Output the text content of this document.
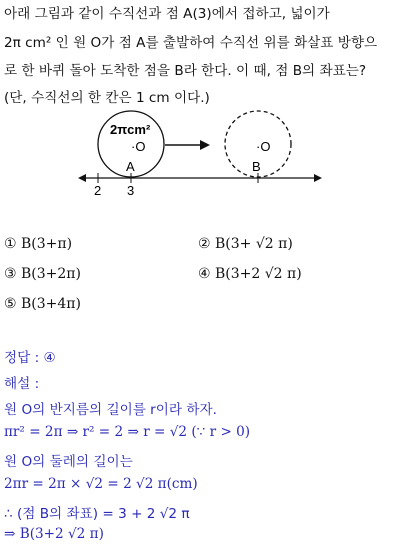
아래 그림과 같이 수직선과 점 A(3)에서 접하고, 넓이가
2π cm² 인 원 O가 점 A를 출발하여 수직선 위를 화살표 방향으
로 한 바퀴 돌아 도착한 점을 B라 한다. 이 때, 점 B의 좌표는?
(단, 수직선의 한 칸은 1 cm 이다.)
2 3
2πcm²
·O
A
·O
B
① B(3+π)	② B(3+ √2 π)
③ B(3+2π)	④ B(3+2 √2 π)
⑤ B(3+4π)
정답 : ④
해설 :
원 O의 반지름의 길이를 r이라 하자.
πr² = 2π ⇒ r² = 2 ⇒ r = √2 (∵ r > 0)
원 O의 둘레의 길이는
2πr = 2π × √2 = 2 √2 π(cm)
∴ (점 B의 좌표) = 3 + 2 √2 π
⇒ B(3+2 √2 π)
